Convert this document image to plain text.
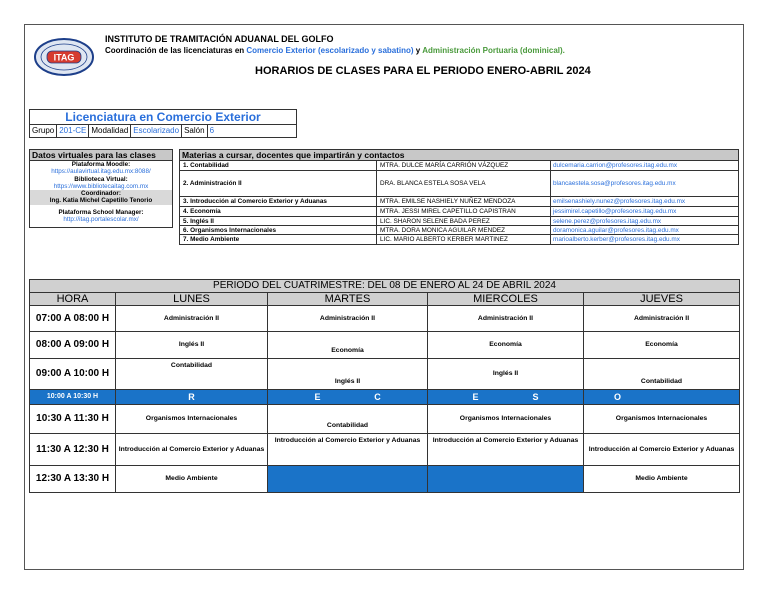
ITAG
INSTITUTO DE TRAMITACIÓN ADUANAL DEL GOLFO
Coordinación de las licenciaturas en Comercio Exterior (escolarizado y sabatino) y Administración Portuaria (dominical).
HORARIOS DE CLASES PARA EL PERIODO ENERO-ABRIL 2024
Licenciatura en Comercio Exterior
Grupo 201-CE Modalidad Escolarizado Salón 6
Datos virtuales para las clases
Plataforma Moodle:
https://aulavirtual.itag.edu.mx:8088/
Biblioteca Virtual:
https://www.bibliotecaitag.com.mx
Coordinador:
Ing. Katia Michel Capetillo Tenorio
Plataforma School Manager:
http://itag.portalescolar.mx/
Materias a cursar, docentes que impartirán y contactos
1. Contabilidad	MTRA. DULCE MARÍA CARRIÓN VÁZQUEZ	dulcemaria.carrion@profesores.itag.edu.mx
2. Administración II	DRA. BLANCA ESTELA SOSA VELA	blancaestela.sosa@profesores.itag.edu.mx
3. Introducción al Comercio Exterior y Aduanas	MTRA. EMILSE NASHIELY NUÑEZ MENDOZA	emilsenashiely.nunez@profesores.itag.edu.mx
4. Economía	MTRA. JESSI MIREL CAPETILLO CAPISTRAN	jessimirel.capetillo@profesores.itag.edu.mx
5. Inglés II	LIC. SHARON SELENE BADA PEREZ	selene.perez@profesores.itag.edu.mx
6. Organismos Internacionales	MTRA. DORA MONICA AGUILAR MENDEZ	doramonica.aguilar@profesores.itag.edu.mx
7. Medio Ambiente	LIC. MARIO ALBERTO KERBER MARTINEZ	marioalberto.kerber@profesores.itag.edu.mx
PERIODO DEL CUATRIMESTRE: DEL 08 DE ENERO AL 24 DE ABRIL 2024				
HORA	LUNES	MARTES	MIERCOLES	JUEVES
07:00 A 08:00 H	Administración II	Administración II	Administración II	Administración II
08:00 A 09:00 H	Inglés II	Economía	Economía	Economía
09:00 A 10:00 H	Contabilidad	Inglés II	Inglés II	Contabilidad
10:00 A 10:30 H	R	E C	E S	O
10:30 A 11:30 H	Organismos Internacionales	Contabilidad	Organismos Internacionales	Organismos Internacionales
11:30 A 12:30 H	Introducción al Comercio Exterior y Aduanas	Introducción al Comercio Exterior y Aduanas	Introducción al Comercio Exterior y Aduanas	Introducción al Comercio Exterior y Aduanas
12:30 A 13:30 H	Medio Ambiente			Medio Ambiente
